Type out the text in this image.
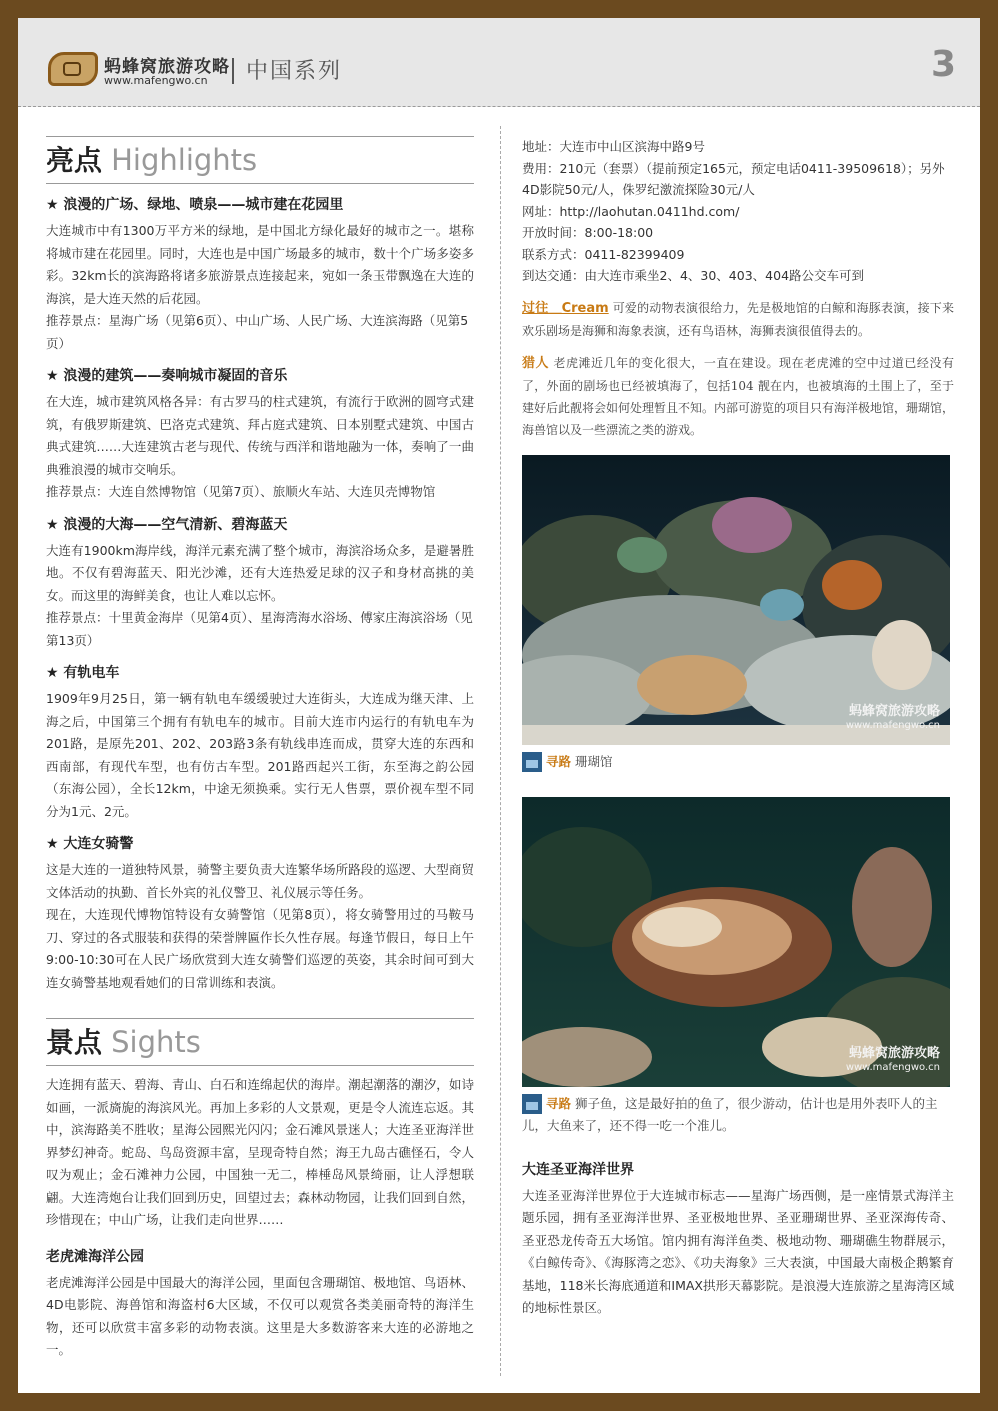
蚂蜂窝旅游攻略
www.mafengwo.cn 中国系列	3
亮点 Highlights
★ 浪漫的广场、绿地、喷泉——城市建在花园里
大连城市中有1300万平方米的绿地，是中国北方绿化最好的城市之一。堪称将城市建在花园里。同时，大连也是中国广场最多的城市，数十个广场多姿多彩。32km长的滨海路将诸多旅游景点连接起来，宛如一条玉带飘逸在大连的海滨，是大连天然的后花园。
推荐景点：星海广场（见第6页）、中山广场、人民广场、大连滨海路（见第5页）
★ 浪漫的建筑——奏响城市凝固的音乐
在大连，城市建筑风格各异：有古罗马的柱式建筑，有流行于欧洲的圆穹式建筑，有俄罗斯建筑、巴洛克式建筑、拜占庭式建筑、日本别墅式建筑、中国古典式建筑……大连建筑古老与现代、传统与西洋和谐地融为一体，奏响了一曲典雅浪漫的城市交响乐。
推荐景点：大连自然博物馆（见第7页）、旅顺火车站、大连贝壳博物馆
★ 浪漫的大海——空气清新、碧海蓝天
大连有1900km海岸线，海洋元素充满了整个城市，海滨浴场众多，是避暑胜地。不仅有碧海蓝天、阳光沙滩，还有大连热爱足球的汉子和身材高挑的美女。而这里的海鲜美食，也让人难以忘怀。
推荐景点：十里黄金海岸（见第4页）、星海湾海水浴场、傅家庄海滨浴场（见第13页）
★ 有轨电车
1909年9月25日，第一辆有轨电车缓缓驶过大连街头，大连成为继天津、上海之后，中国第三个拥有有轨电车的城市。目前大连市内运行的有轨电车为201路，是原先201、202、203路3条有轨线串连而成，贯穿大连的东西和西南部，有现代车型，也有仿古车型。201路西起兴工街，东至海之韵公园（东海公园），全长12km，中途无须换乘。实行无人售票，票价视车型不同分为1元、2元。
★ 大连女骑警
这是大连的一道独特风景，骑警主要负责大连繁华场所路段的巡逻、大型商贸文体活动的执勤、首长外宾的礼仪警卫、礼仪展示等任务。
现在，大连现代博物馆特设有女骑警馆（见第8页），将女骑警用过的马鞍马刀、穿过的各式服装和获得的荣誉牌匾作长久性存展。每逢节假日，每日上午9:00-10:30可在人民广场欣赏到大连女骑警们巡逻的英姿，其余时间可到大连女骑警基地观看她们的日常训练和表演。
景点 Sights
大连拥有蓝天、碧海、青山、白石和连绵起伏的海岸。潮起潮落的潮汐，如诗如画，一派旖旎的海滨风光。再加上多彩的人文景观，更是令人流连忘返。其中，滨海路美不胜收；星海公园熙光闪闪；金石滩风景迷人；大连圣亚海洋世界梦幻神奇。蛇岛、鸟岛资源丰富，呈现奇特自然；海王九岛古礁怪石，令人叹为观止；金石滩神力公园，中国独一无二，棒棰岛风景绮丽，让人浮想联翩。大连湾炮台让我们回到历史，回望过去；森林动物园，让我们回到自然，珍惜现在；中山广场，让我们走向世界……
老虎滩海洋公园
老虎滩海洋公园是中国最大的海洋公园，里面包含珊瑚馆、极地馆、鸟语林、4D电影院、海兽馆和海盗村6大区域，不仅可以观赏各类美丽奇特的海洋生物，还可以欣赏丰富多彩的动物表演。这里是大多数游客来大连的必游地之一。
地址：大连市中山区滨海中路9号
费用：210元（套票）（提前预定165元，预定电话0411-39509618）；另外4D影院50元/人，侏罗纪激流探险30元/人
网址：http://laohutan.0411hd.com/
开放时间：8:00-18:00
联系方式：0411-82399409
到达交通：由大连市乘坐2、4、30、403、404路公交车可到
过往＿Cream 可爱的动物表演很给力，先是极地馆的白鲸和海豚表演，接下来欢乐剧场是海狮和海象表演，还有鸟语林，海狮表演很值得去的。
猎人 老虎滩近几年的变化很大，一直在建设。现在老虎滩的空中过道已经没有了，外面的剧场也已经被填海了，包括104 靓在内，也被填海的土围上了，至于建好后此靓将会如何处理暂且不知。内部可游览的项目只有海洋极地馆，珊瑚馆，海兽馆以及一些漂流之类的游戏。
蚂蜂窝旅游攻略
www.mafengwo.cn
寻路 珊瑚馆
蚂蜂窝旅游攻略
www.mafengwo.cn
寻路 狮子鱼，这是最好拍的鱼了，很少游动，估计也是用外表吓人的主儿，大鱼来了，还不得一吃一个准儿。
大连圣亚海洋世界
大连圣亚海洋世界位于大连城市标志——星海广场西侧，是一座情景式海洋主题乐园，拥有圣亚海洋世界、圣亚极地世界、圣亚珊瑚世界、圣亚深海传奇、圣亚恐龙传奇五大场馆。馆内拥有海洋鱼类、极地动物、珊瑚礁生物群展示，《白鲸传奇》、《海豚湾之恋》、《功夫海象》三大表演，中国最大南极企鹅繁育基地，118米长海底通道和IMAX拱形天幕影院。是浪漫大连旅游之星海湾区域的地标性景区。
